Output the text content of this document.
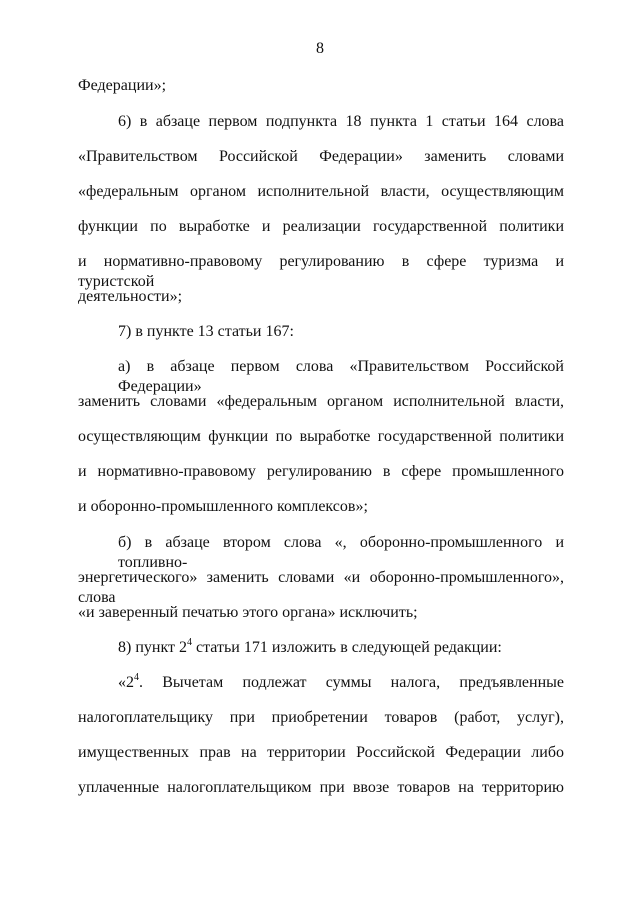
8
Федерации»;
6) в абзаце первом подпункта 18 пункта 1 статьи 164 слова
«Правительством Российской Федерации» заменить словами
«федеральным органом исполнительной власти, осуществляющим
функции по выработке и реализации государственной политики
и нормативно-правовому регулированию в сфере туризма и туристской
деятельности»;
7) в пункте 13 статьи 167:
а) в абзаце первом слова «Правительством Российской Федерации»
заменить словами «федеральным органом исполнительной власти,
осуществляющим функции по выработке государственной политики
и нормативно-правовому регулированию в сфере промышленного
и оборонно-промышленного комплексов»;
б) в абзаце втором слова «, оборонно-промышленного и топливно-
энергетического» заменить словами «и оборонно-промышленного», слова
«и заверенный печатью этого органа» исключить;
8) пункт $2^4$ статьи 171 изложить в следующей редакции:
«$2^4$. Вычетам подлежат суммы налога, предъявленные
налогоплательщику при приобретении товаров (работ, услуг),
имущественных прав на территории Российской Федерации либо
уплаченные налогоплательщиком при ввозе товаров на территорию
